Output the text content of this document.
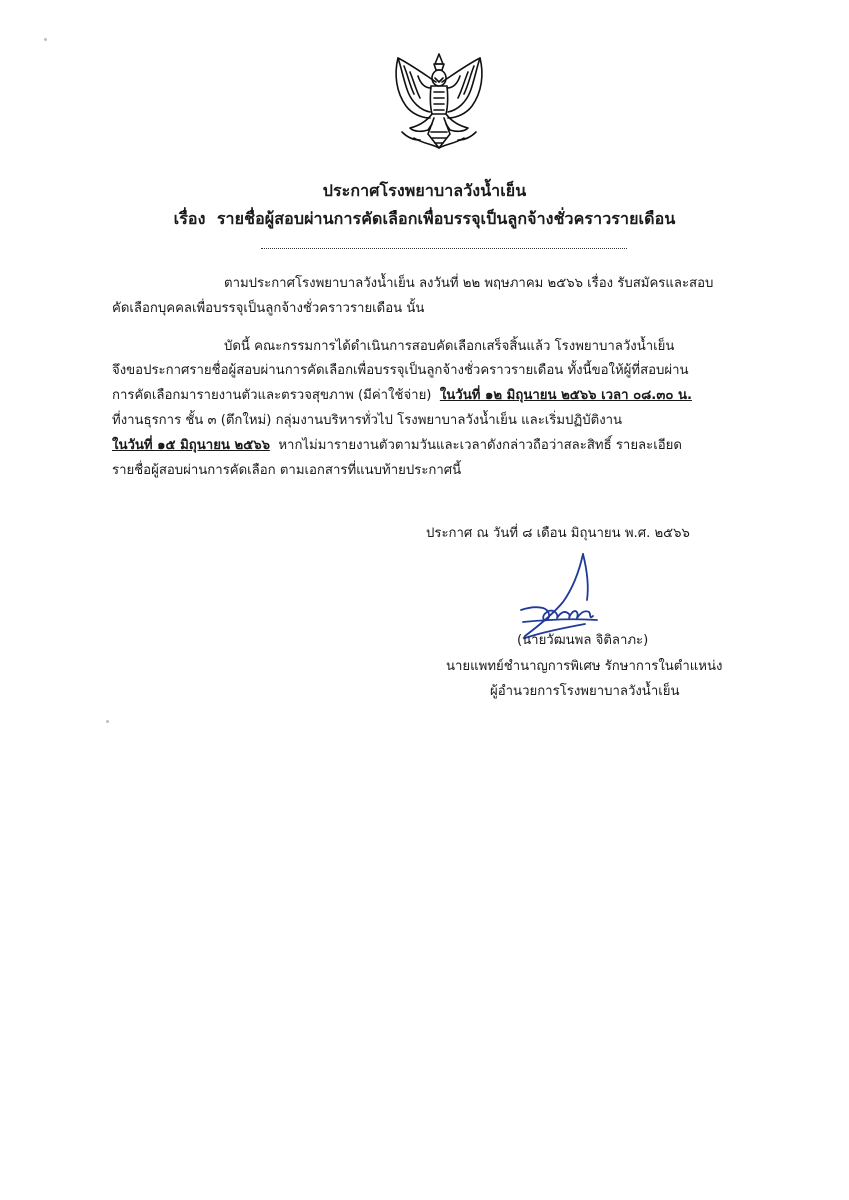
ประกาศโรงพยาบาลวังน้ำเย็น
เรื่อง รายชื่อผู้สอบผ่านการคัดเลือกเพื่อบรรจุเป็นลูกจ้างชั่วคราวรายเดือน
ตามประกาศโรงพยาบาลวังน้ำเย็น ลงวันที่ ๒๒ พฤษภาคม ๒๕๖๖ เรื่อง รับสมัครและสอบ
คัดเลือกบุคคลเพื่อบรรจุเป็นลูกจ้างชั่วคราวรายเดือน นั้น
บัดนี้ คณะกรรมการได้ดำเนินการสอบคัดเลือกเสร็จสิ้นแล้ว โรงพยาบาลวังน้ำเย็น
จึงขอประกาศรายชื่อผู้สอบผ่านการคัดเลือกเพื่อบรรจุเป็นลูกจ้างชั่วคราวรายเดือน ทั้งนี้ขอให้ผู้ที่สอบผ่าน
การคัดเลือกมารายงานตัวและตรวจสุขภาพ (มีค่าใช้จ่าย) ในวันที่ ๑๒ มิถุนายน ๒๕๖๖ เวลา ๐๘.๓๐ น.
ที่งานธุรการ ชั้น ๓ (ตึกใหม่) กลุ่มงานบริหารทั่วไป โรงพยาบาลวังน้ำเย็น และเริ่มปฏิบัติงาน
ในวันที่ ๑๕ มิถุนายน ๒๕๖๖ หากไม่มารายงานตัวตามวันและเวลาดังกล่าวถือว่าสละสิทธิ์ รายละเอียด
รายชื่อผู้สอบผ่านการคัดเลือก ตามเอกสารที่แนบท้ายประกาศนี้
ประกาศ ณ วันที่ ๘ เดือน มิถุนายน พ.ศ. ๒๕๖๖
(นายวัฒนพล จิติลาภะ)
นายแพทย์ชำนาญการพิเศษ รักษาการในตำแหน่ง
ผู้อำนวยการโรงพยาบาลวังน้ำเย็น
